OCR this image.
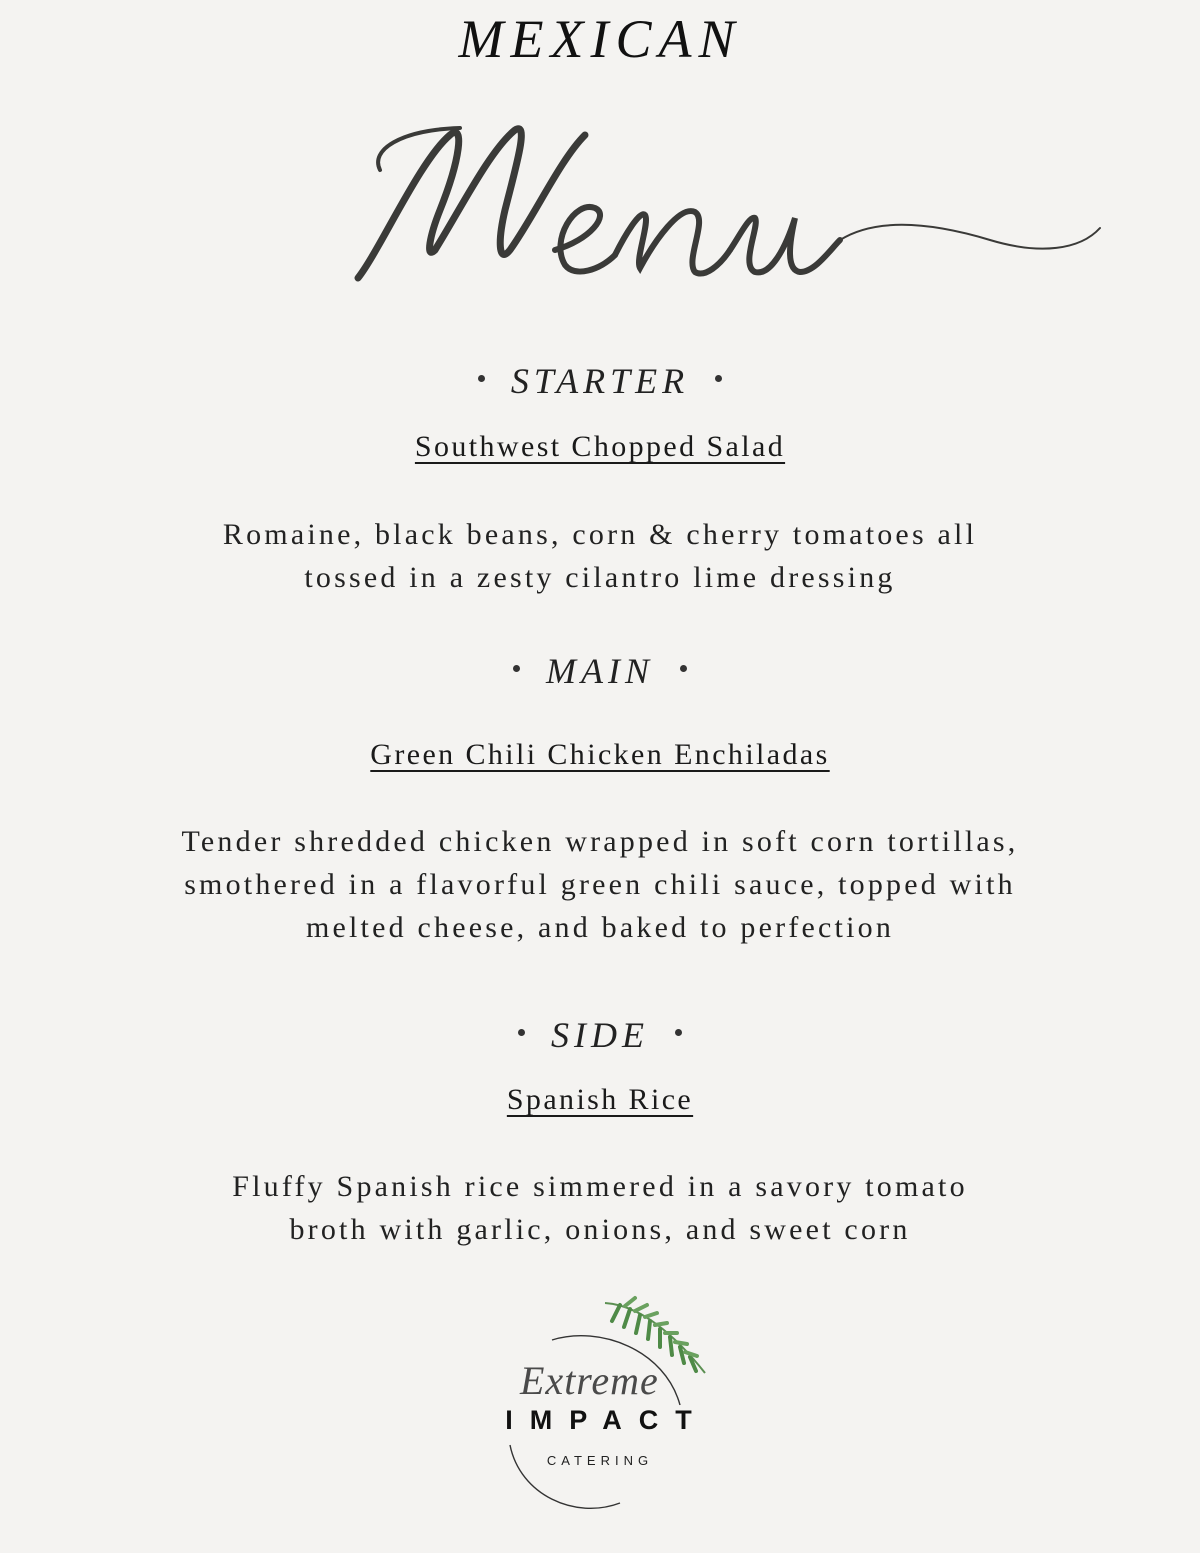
MEXICAN
STARTER
Southwest Chopped Salad
Romaine, black beans, corn & cherry tomatoes all
tossed in a zesty cilantro lime dressing
MAIN
Green Chili Chicken Enchiladas
Tender shredded chicken wrapped in soft corn tortillas,
smothered in a flavorful green chili sauce, topped with
melted cheese, and baked to perfection
SIDE
Spanish Rice
Fluffy Spanish rice simmered in a savory tomato
broth with garlic, onions, and sweet corn
Extreme
IMPACT
CATERING
